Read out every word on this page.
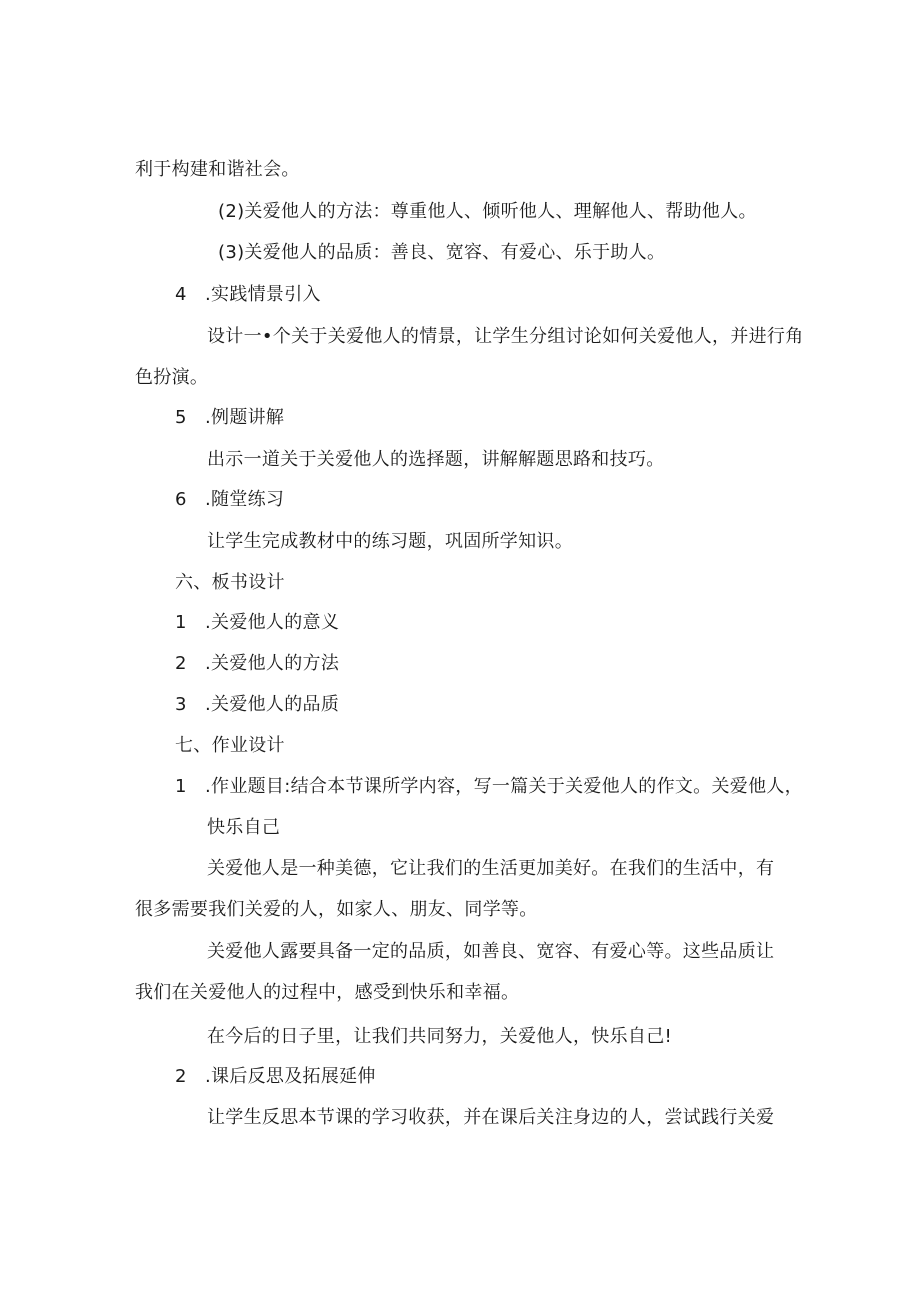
利于构建和谐社会。
(2)关爱他人的方法：尊重他人、倾听他人、理解他人、帮助他人。
(3)关爱他人的品质：善良、宽容、有爱心、乐于助人。
4 .实践情景引入
设计一•个关于关爱他人的情景，让学生分组讨论如何关爱他人，并进行角
色扮演。
5 .例题讲解
出示一道关于关爱他人的选择题，讲解解题思路和技巧。
6 .随堂练习
让学生完成教材中的练习题，巩固所学知识。
六、板书设计
1 .关爱他人的意义
2 .关爱他人的方法
3 .关爱他人的品质
七、作业设计
1 .作业题目:结合本节课所学内容，写一篇关于关爱他人的作文。关爱他人，
快乐自己
关爱他人是一种美德，它让我们的生活更加美好。在我们的生活中，有
很多需要我们关爱的人，如家人、朋友、同学等。
关爱他人露要具备一定的品质，如善良、宽容、有爱心等。这些品质让
我们在关爱他人的过程中，感受到快乐和幸福。
在今后的日子里，让我们共同努力，关爱他人，快乐自己!
2 .课后反思及拓展延伸
让学生反思本节课的学习收获，并在课后关注身边的人，尝试践行关爱
